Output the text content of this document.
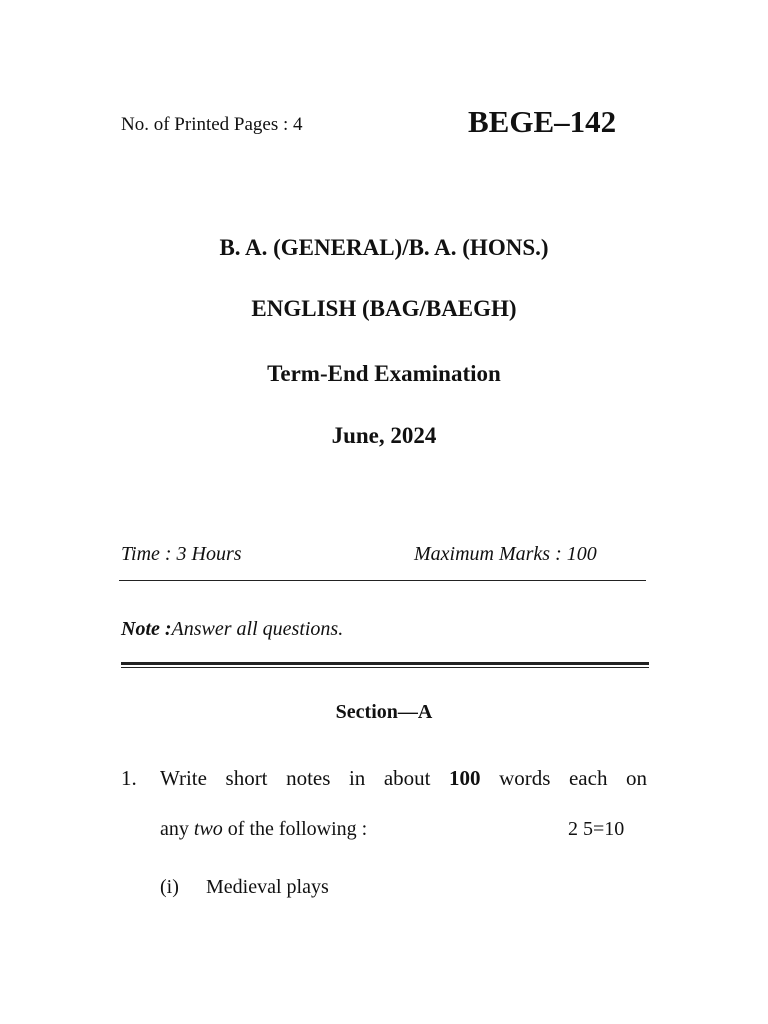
No. of Printed Pages : 4	BEGE–142
B. A. (GENERAL)/B. A. (HONS.)
ENGLISH (BAG/BAEGH)
Term-End Examination
June, 2024
Time : 3 Hours	Maximum Marks : 100
Note :Answer all questions.
Section—A
1. Write short notes in about 100 words each on
any two of the following :	2 5=10
(i) Medieval plays
